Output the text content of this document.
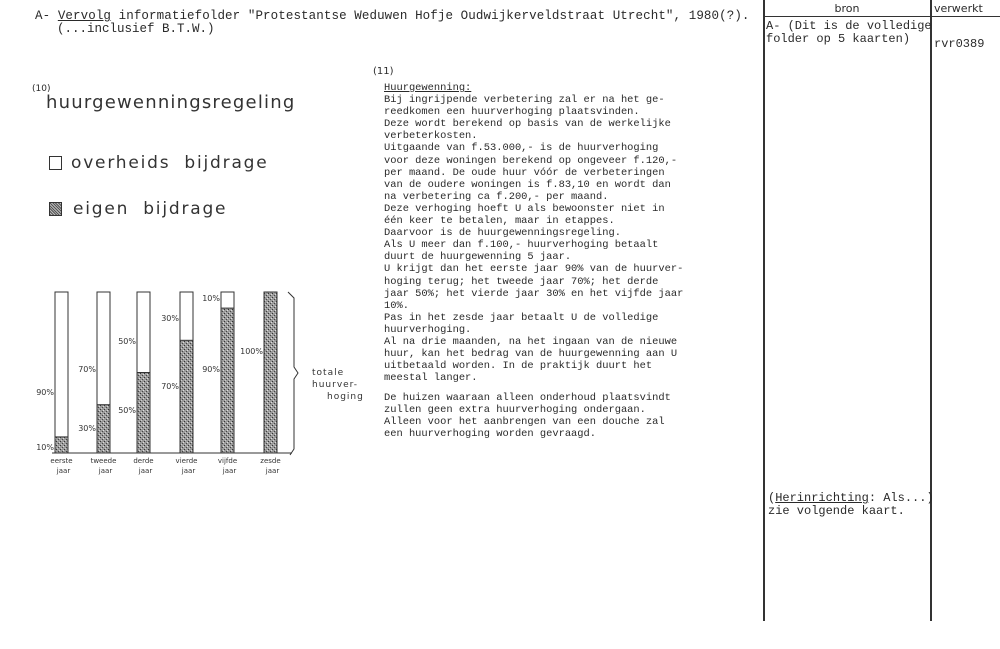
A- Vervolg informatiefolder "Protestantse Weduwen Hofje Oudwijkerveldstraat Utrecht", 1980(?).
(...inclusief B.T.W.)
(10)
huurgewenningsregeling
overheids bijdrage
eigen bijdrage
totale
huurver-
hoging
10%
90%
eerste
jaar
30%
70%
tweede
jaar
50%
50%
derde
jaar
70%
30%
vierde
jaar
90%
10%
vijfde
jaar
100%
zesde
jaar
(11)
Huurgewenning:
Bij ingrijpende verbetering zal er na het ge-
reedkomen een huurverhoging plaatsvinden.
Deze wordt berekend op basis van de werkelijke
verbeterkosten.
Uitgaande van f.53.000,- is de huurverhoging
voor deze woningen berekend op ongeveer f.120,-
per maand. De oude huur vóór de verbeteringen
van de oudere woningen is f.83,10 en wordt dan
na verbetering ca f.200,- per maand.
Deze verhoging hoeft U als bewoonster niet in
één keer te betalen, maar in etappes.
Daarvoor is de huurgewenningsregeling.
Als U meer dan f.100,- huurverhoging betaalt
duurt de huurgewenning 5 jaar.
U krijgt dan het eerste jaar 90% van de huurver-
hoging terug; het tweede jaar 70%; het derde
jaar 50%; het vierde jaar 30% en het vijfde jaar
10%.
Pas in het zesde jaar betaalt U de volledige
huurverhoging.
Al na drie maanden, na het ingaan van de nieuwe
huur, kan het bedrag van de huurgewenning aan U
uitbetaald worden. In de praktijk duurt het
meestal langer.
De huizen waaraan alleen onderhoud plaatsvindt
zullen geen extra huurverhoging ondergaan.
Alleen voor het aanbrengen van een douche zal
een huurverhoging worden gevraagd.
bron	verwerkt
A- (Dit is de volledige
folder op 5 kaarten)	rvr0389
(Herinrichting: Als...)
zie volgende kaart.
